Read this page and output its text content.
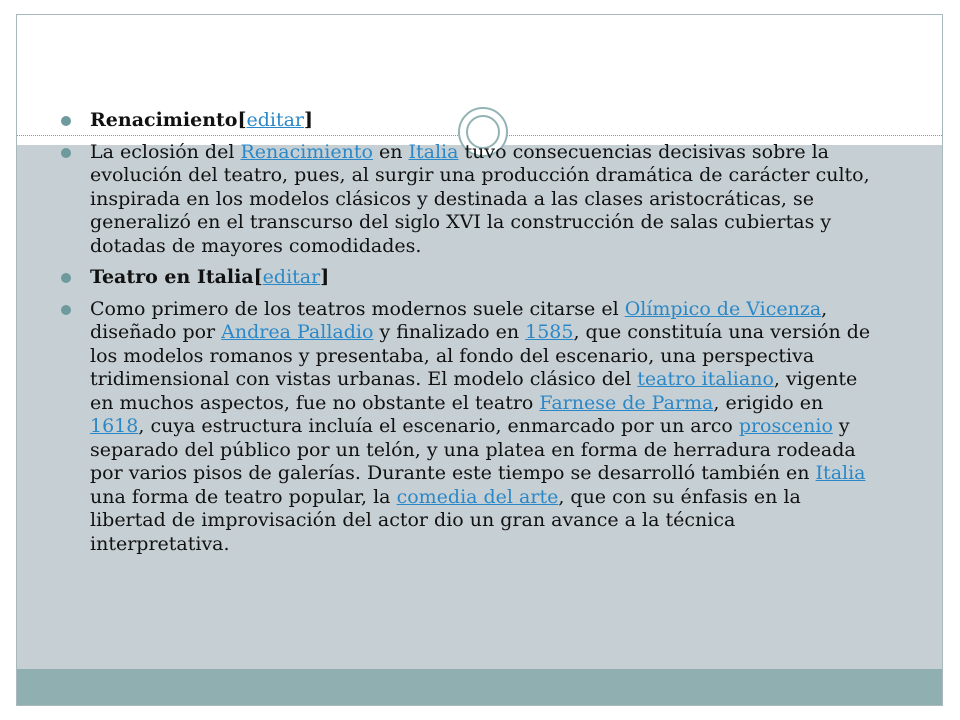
Renacimiento[editar]
La eclosión del Renacimiento en Italia tuvo consecuencias decisivas sobre la evolución del teatro, pues, al surgir una producción dramática de carácter culto, inspirada en los modelos clásicos y destinada a las clases aristocráticas, se generalizó en el transcurso del siglo XVI la construcción de salas cubiertas y dotadas de mayores comodidades.
Teatro en Italia[editar]
Como primero de los teatros modernos suele citarse el Olímpico de Vicenza, diseñado por Andrea Palladio y finalizado en 1585, que constituía una versión de los modelos romanos y presentaba, al fondo del escenario, una perspectiva tridimensional con vistas urbanas. El modelo clásico del teatro italiano, vigente en muchos aspectos, fue no obstante el teatro Farnese de Parma, erigido en 1618, cuya estructura incluía el escenario, enmarcado por un arco proscenio y separado del público por un telón, y una platea en forma de herradura rodeada por varios pisos de galerías. Durante este tiempo se desarrolló también en Italia una forma de teatro popular, la comedia del arte, que con su énfasis en la libertad de improvisación del actor dio un gran avance a la técnica interpretativa.
